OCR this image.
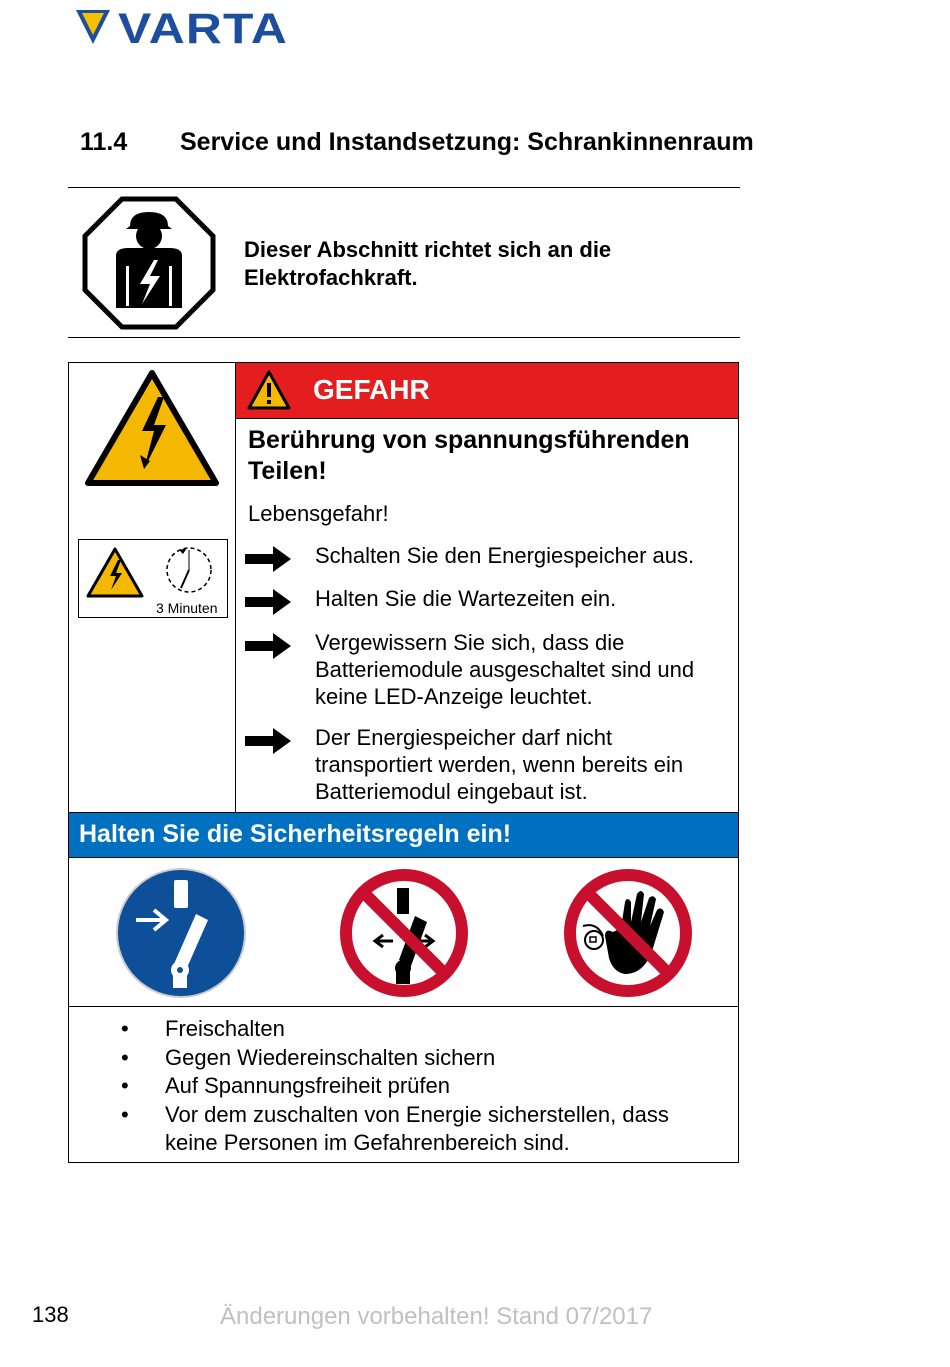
VARTA
11.4 Service und Instandsetzung: Schrankinnenraum
Dieser Abschnitt richtet sich an die Elektrofachkraft.
3 Minuten
GEFAHR
Berührung von spannungsführenden Teilen!
Lebensgefahr!
Schalten Sie den Energiespeicher aus.
Halten Sie die Wartezeiten ein.
Vergewissern Sie sich, dass die Batteriemodule ausgeschaltet sind und keine LED-Anzeige leuchtet.
Der Energiespeicher darf nicht transportiert werden, wenn bereits ein Batteriemodul eingebaut ist.
Halten Sie die Sicherheitsregeln ein!
• Freischalten
• Gegen Wiedereinschalten sichern
• Auf Spannungsfreiheit prüfen
• Vor dem zuschalten von Energie sicherstellen, dass keine Personen im Gefahrenbereich sind.
138	Änderungen vorbehalten! Stand 07/2017
